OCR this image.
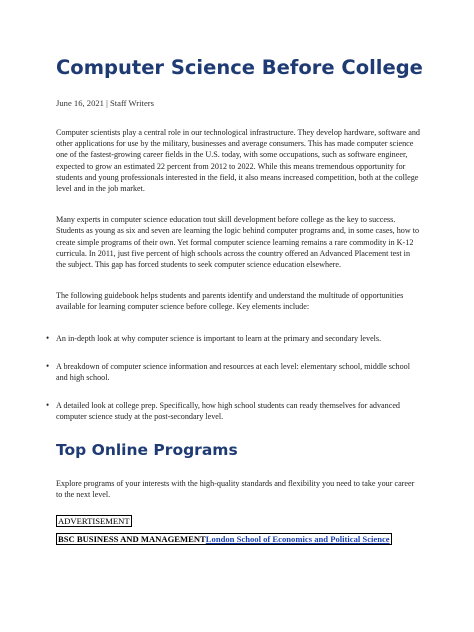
Computer Science Before College
June 16, 2021 | Staff Writers

Computer scientists play a central role in our technological infrastructure. They develop hardware, software and other applications for use by the military, businesses and average consumers. This has made computer science one of the fastest-growing career fields in the U.S. today, with some occupations, such as software engineer, expected to grow an estimated 22 percent from 2012 to 2022. While this means tremendous opportunity for students and young professionals interested in the field, it also means increased competition, both at the college level and in the job market.

Many experts in computer science education tout skill development before college as the key to success. Students as young as six and seven are learning the logic behind computer programs and, in some cases, how to create simple programs of their own. Yet formal computer science learning remains a rare commodity in K-12 curricula. In 2011, just five percent of high schools across the country offered an Advanced Placement test in the subject. This gap has forced students to seek computer science education elsewhere.

The following guidebook helps students and parents identify and understand the multitude of opportunities available for learning computer science before college. Key elements include:

• An in-depth look at why computer science is important to learn at the primary and secondary levels.
• A breakdown of computer science information and resources at each level: elementary school, middle school and high school.
• A detailed look at college prep. Specifically, how high school students can ready themselves for advanced computer science study at the post-secondary level.
Top Online Programs

Explore programs of your interests with the high-quality standards and flexibility you need to take your career to the next level.

ADVERTISEMENT
BSC BUSINESS AND MANAGEMENTLondon School of Economics and Political Science
